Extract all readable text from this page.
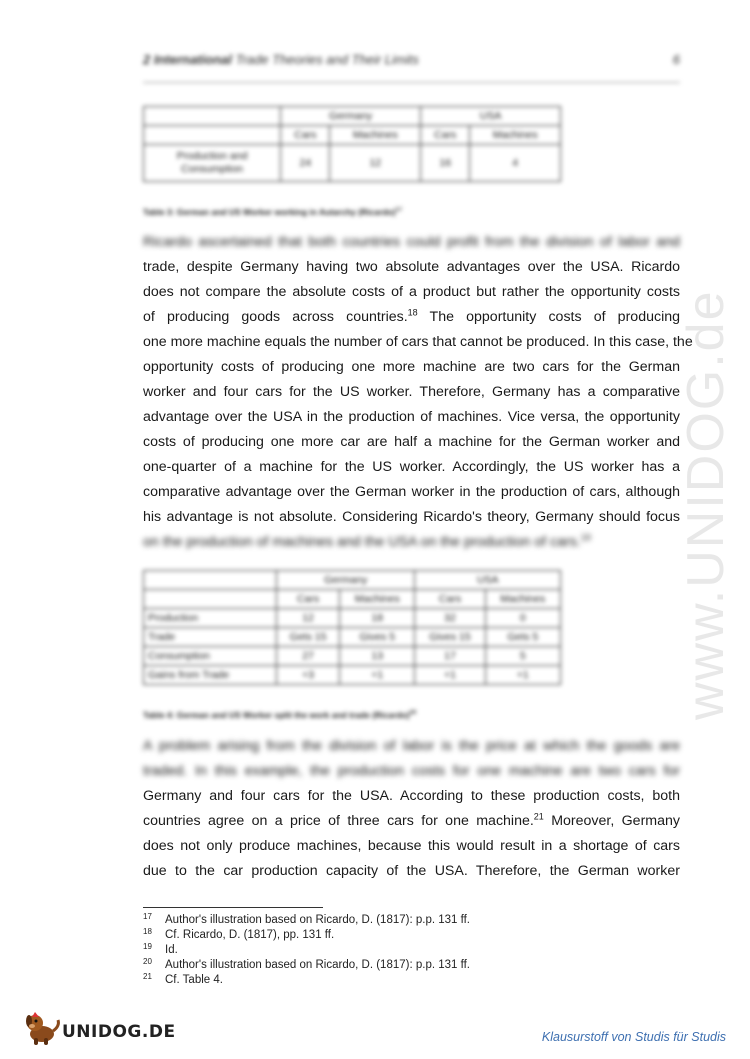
2 International Trade Theories and Their Limits	6
	Germany		USA	
	Cars	Machines	Cars	Machines
Production and
Consumption	24	12	16	4
Table 3: German and US Worker working in Autarchy (Ricardo)$^{17}$
Ricardo ascertained that both countries could profit from the division of labor and
trade, despite Germany having two absolute advantages over the USA. Ricardo
does not compare the absolute costs of a product but rather the opportunity costs
of producing goods across countries.$^{18}$ The opportunity costs of producing
one more machine equals the number of cars that cannot be produced. In this case, the
opportunity costs of producing one more machine are two cars for the German
worker and four cars for the US worker. Therefore, Germany has a comparative
advantage over the USA in the production of machines. Vice versa, the opportunity
costs of producing one more car are half a machine for the German worker and
one-quarter of a machine for the US worker. Accordingly, the US worker has a
comparative advantage over the German worker in the production of cars, although
his advantage is not absolute. Considering Ricardo's theory, Germany should focus
on the production of machines and the USA on the production of cars.$^{19}$
	Germany		USA	
	Cars	Machines	Cars	Machines
Production	12	18	32	0
Trade	Gets 15	Gives 5	Gives 15	Gets 5
Consumption	27	13	17	5
Gains from Trade	+3	+1	+1	+1
Table 4: German and US Worker split the work and trade (Ricardo)$^{20}$
A problem arising from the division of labor is the price at which the goods are
traded. In this example, the production costs for one machine are two cars for
Germany and four cars for the USA. According to these production costs, both
countries agree on a price of three cars for one machine.$^{21}$ Moreover, Germany
does not only produce machines, because this would result in a shortage of cars
due to the car production capacity of the USA. Therefore, the German worker
17 Author's illustration based on Ricardo, D. (1817): p.p. 131 ff.
18 Cf. Ricardo, D. (1817), pp. 131 ff.
19 Id.
20 Author's illustration based on Ricardo, D. (1817): p.p. 131 ff.
21 Cf. Table 4.
www.UNIDOG.de
UNIDOG.DE	Klausurstoff von Studis für Studis
